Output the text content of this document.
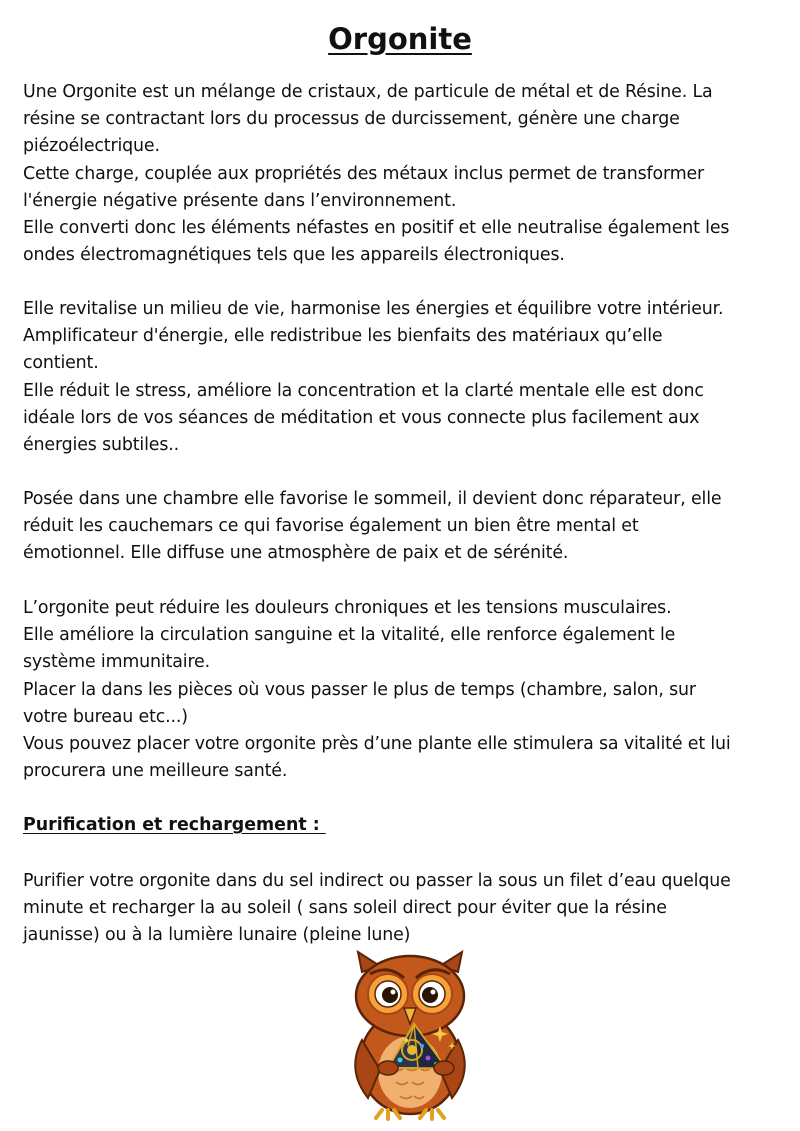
Orgonite
Une Orgonite est un mélange de cristaux, de particule de métal et de Résine. La
résine se contractant lors du processus de durcissement, génère une charge
piézoélectrique.
Cette charge, couplée aux propriétés des métaux inclus permet de transformer
l'énergie négative présente dans l’environnement.
Elle converti donc les éléments néfastes en positif et elle neutralise également les
ondes électromagnétiques tels que les appareils électroniques.
Elle revitalise un milieu de vie, harmonise les énergies et équilibre votre intérieur.
Amplificateur d'énergie, elle redistribue les bienfaits des matériaux qu’elle
contient.
Elle réduit le stress, améliore la concentration et la clarté mentale elle est donc
idéale lors de vos séances de méditation et vous connecte plus facilement aux
énergies subtiles..
Posée dans une chambre elle favorise le sommeil, il devient donc réparateur, elle
réduit les cauchemars ce qui favorise également un bien être mental et
émotionnel. Elle diffuse une atmosphère de paix et de sérénité.
L’orgonite peut réduire les douleurs chroniques et les tensions musculaires.
Elle améliore la circulation sanguine et la vitalité, elle renforce également le
système immunitaire.
Placer la dans les pièces où vous passer le plus de temps (chambre, salon, sur
votre bureau etc...)
Vous pouvez placer votre orgonite près d’une plante elle stimulera sa vitalité et lui
procurera une meilleure santé.
Purification et rechargement :
Purifier votre orgonite dans du sel indirect ou passer la sous un filet d’eau quelque
minute et recharger la au soleil ( sans soleil direct pour éviter que la résine
jaunisse) ou à la lumière lunaire (pleine lune)
